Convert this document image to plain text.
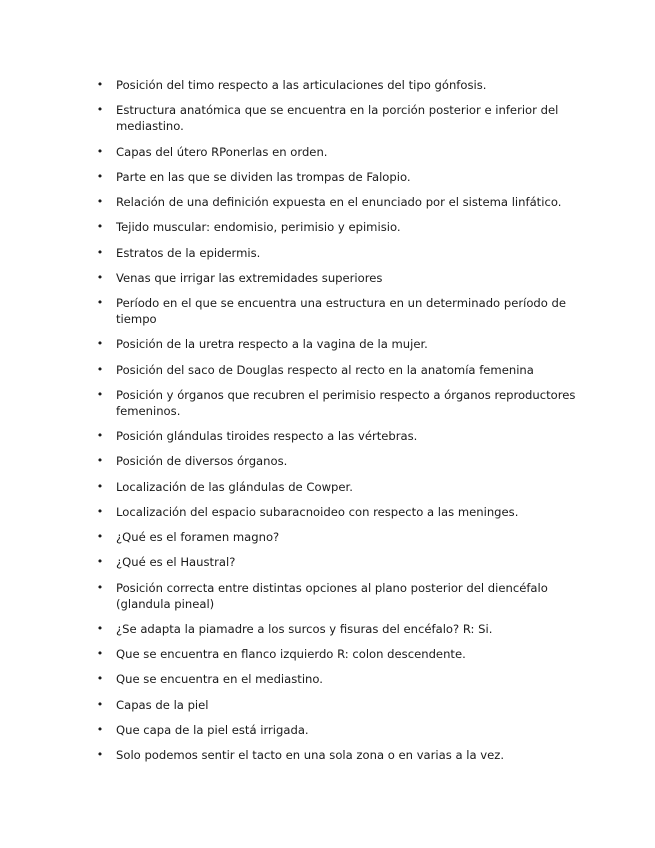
• Posición del timo respecto a las articulaciones del tipo gónfosis.
• Estructura anatómica que se encuentra en la porción posterior e inferior del mediastino.
• Capas del útero RPonerlas en orden.
• Parte en las que se dividen las trompas de Falopio.
• Relación de una definición expuesta en el enunciado por el sistema linfático.
• Tejido muscular: endomisio, perimisio y epimisio.
• Estratos de la epidermis.
• Venas que irrigar las extremidades superiores
• Período en el que se encuentra una estructura en un determinado período de tiempo
• Posición de la uretra respecto a la vagina de la mujer.
• Posición del saco de Douglas respecto al recto en la anatomía femenina
• Posición y órganos que recubren el perimisio respecto a órganos reproductores femeninos.
• Posición glándulas tiroides respecto a las vértebras.
• Posición de diversos órganos.
• Localización de las glándulas de Cowper.
• Localización del espacio subaracnoideo con respecto a las meninges.
• ¿Qué es el foramen magno?
• ¿Qué es el Haustral?
• Posición correcta entre distintas opciones al plano posterior del diencéfalo (glandula pineal)
• ¿Se adapta la piamadre a los surcos y fisuras del encéfalo? R: Si.
• Que se encuentra en flanco izquierdo R: colon descendente.
• Que se encuentra en el mediastino.
• Capas de la piel
• Que capa de la piel está irrigada.
• Solo podemos sentir el tacto en una sola zona o en varias a la vez.
